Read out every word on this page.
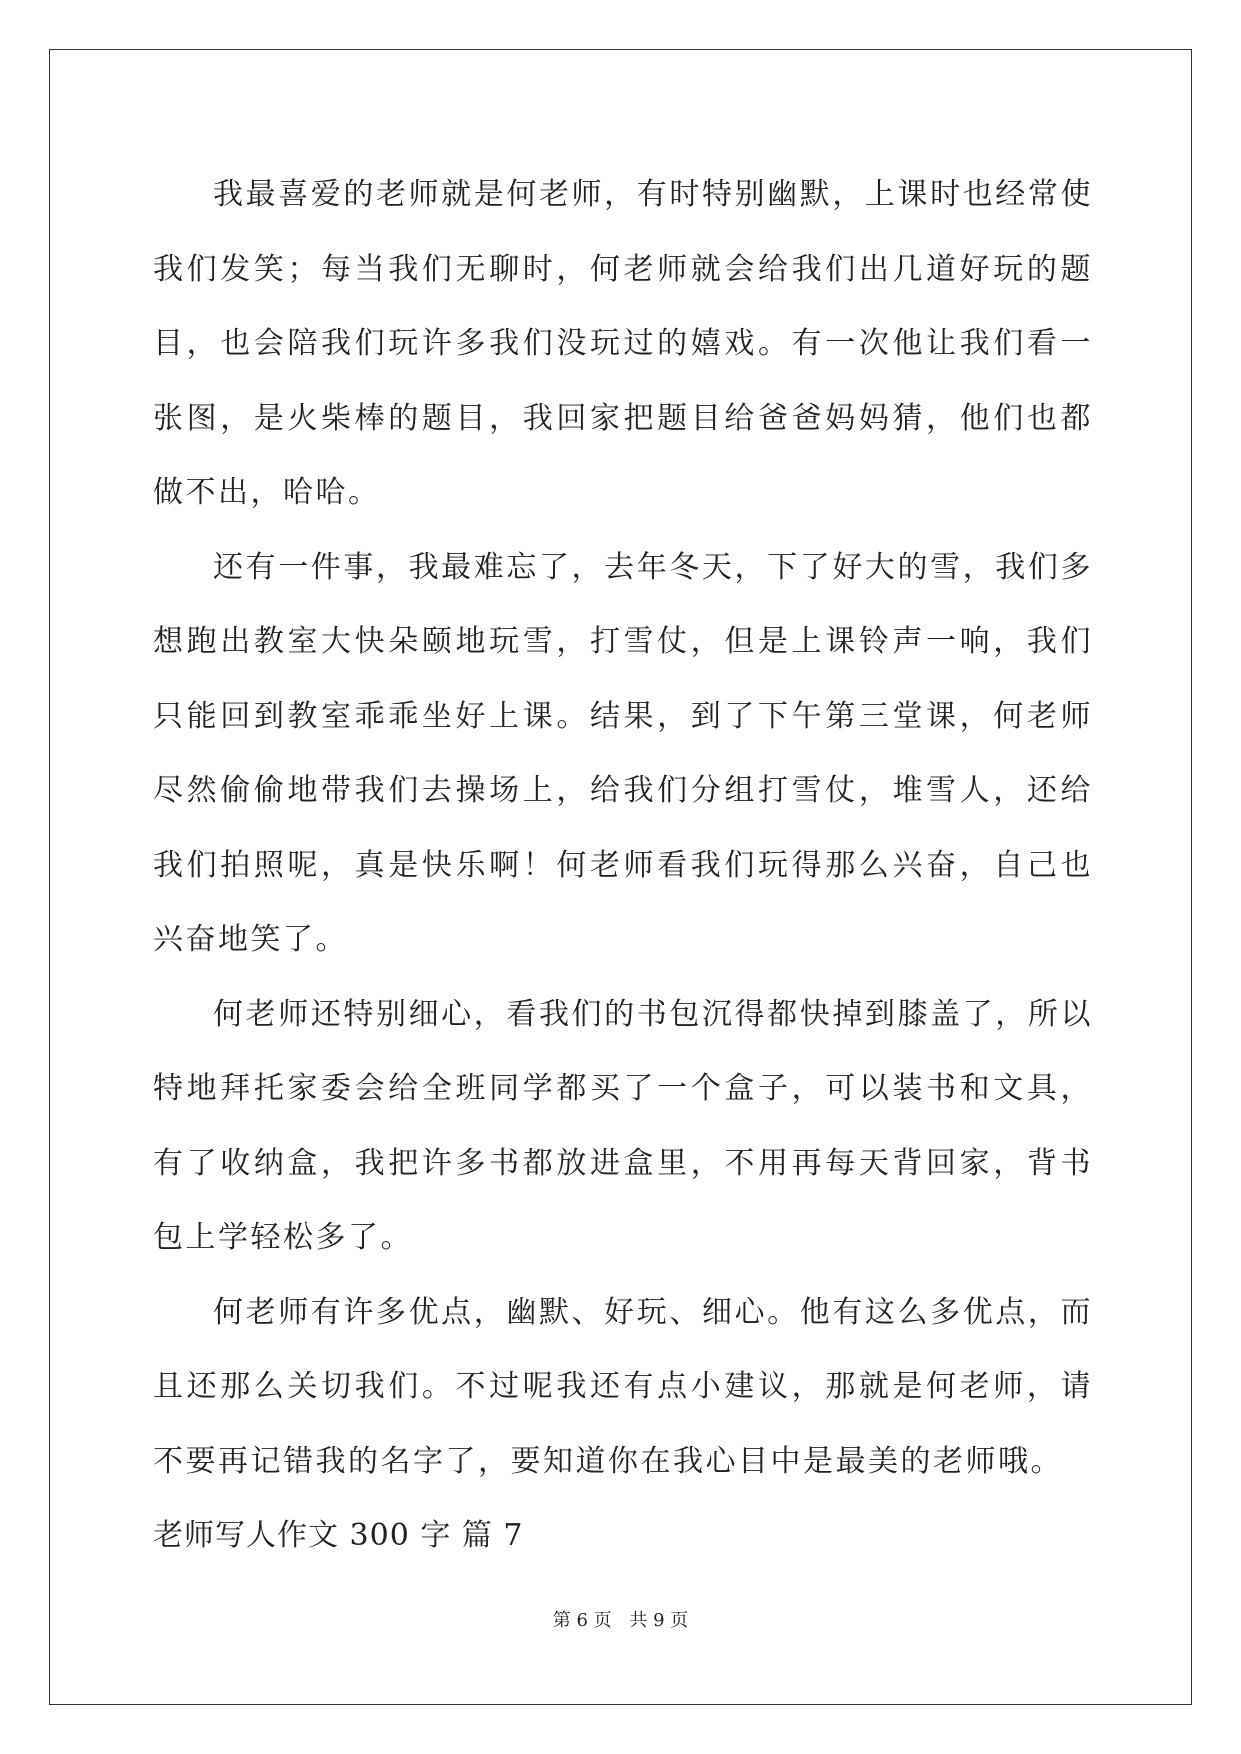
我最喜爱的老师就是何老师，有时特别幽默，上课时也经常使我们发笑；每当我们无聊时，何老师就会给我们出几道好玩的题目，也会陪我们玩许多我们没玩过的嬉戏。有一次他让我们看一张图，是火柴棒的题目，我回家把题目给爸爸妈妈猜，他们也都做不出，哈哈。

还有一件事，我最难忘了，去年冬天，下了好大的雪，我们多想跑出教室大快朵颐地玩雪，打雪仗，但是上课铃声一响，我们只能回到教室乖乖坐好上课。结果，到了下午第三堂课，何老师尽然偷偷地带我们去操场上，给我们分组打雪仗，堆雪人，还给我们拍照呢，真是快乐啊！何老师看我们玩得那么兴奋，自己也兴奋地笑了。

何老师还特别细心，看我们的书包沉得都快掉到膝盖了，所以特地拜托家委会给全班同学都买了一个盒子，可以装书和文具，有了收纳盒，我把许多书都放进盒里，不用再每天背回家，背书包上学轻松多了。

何老师有许多优点，幽默、好玩、细心。他有这么多优点，而且还那么关切我们。不过呢我还有点小建议，那就是何老师，请不要再记错我的名字了，要知道你在我心目中是最美的老师哦。

老师写人作文 300 字 篇 7

第 6 页 共 9 页
